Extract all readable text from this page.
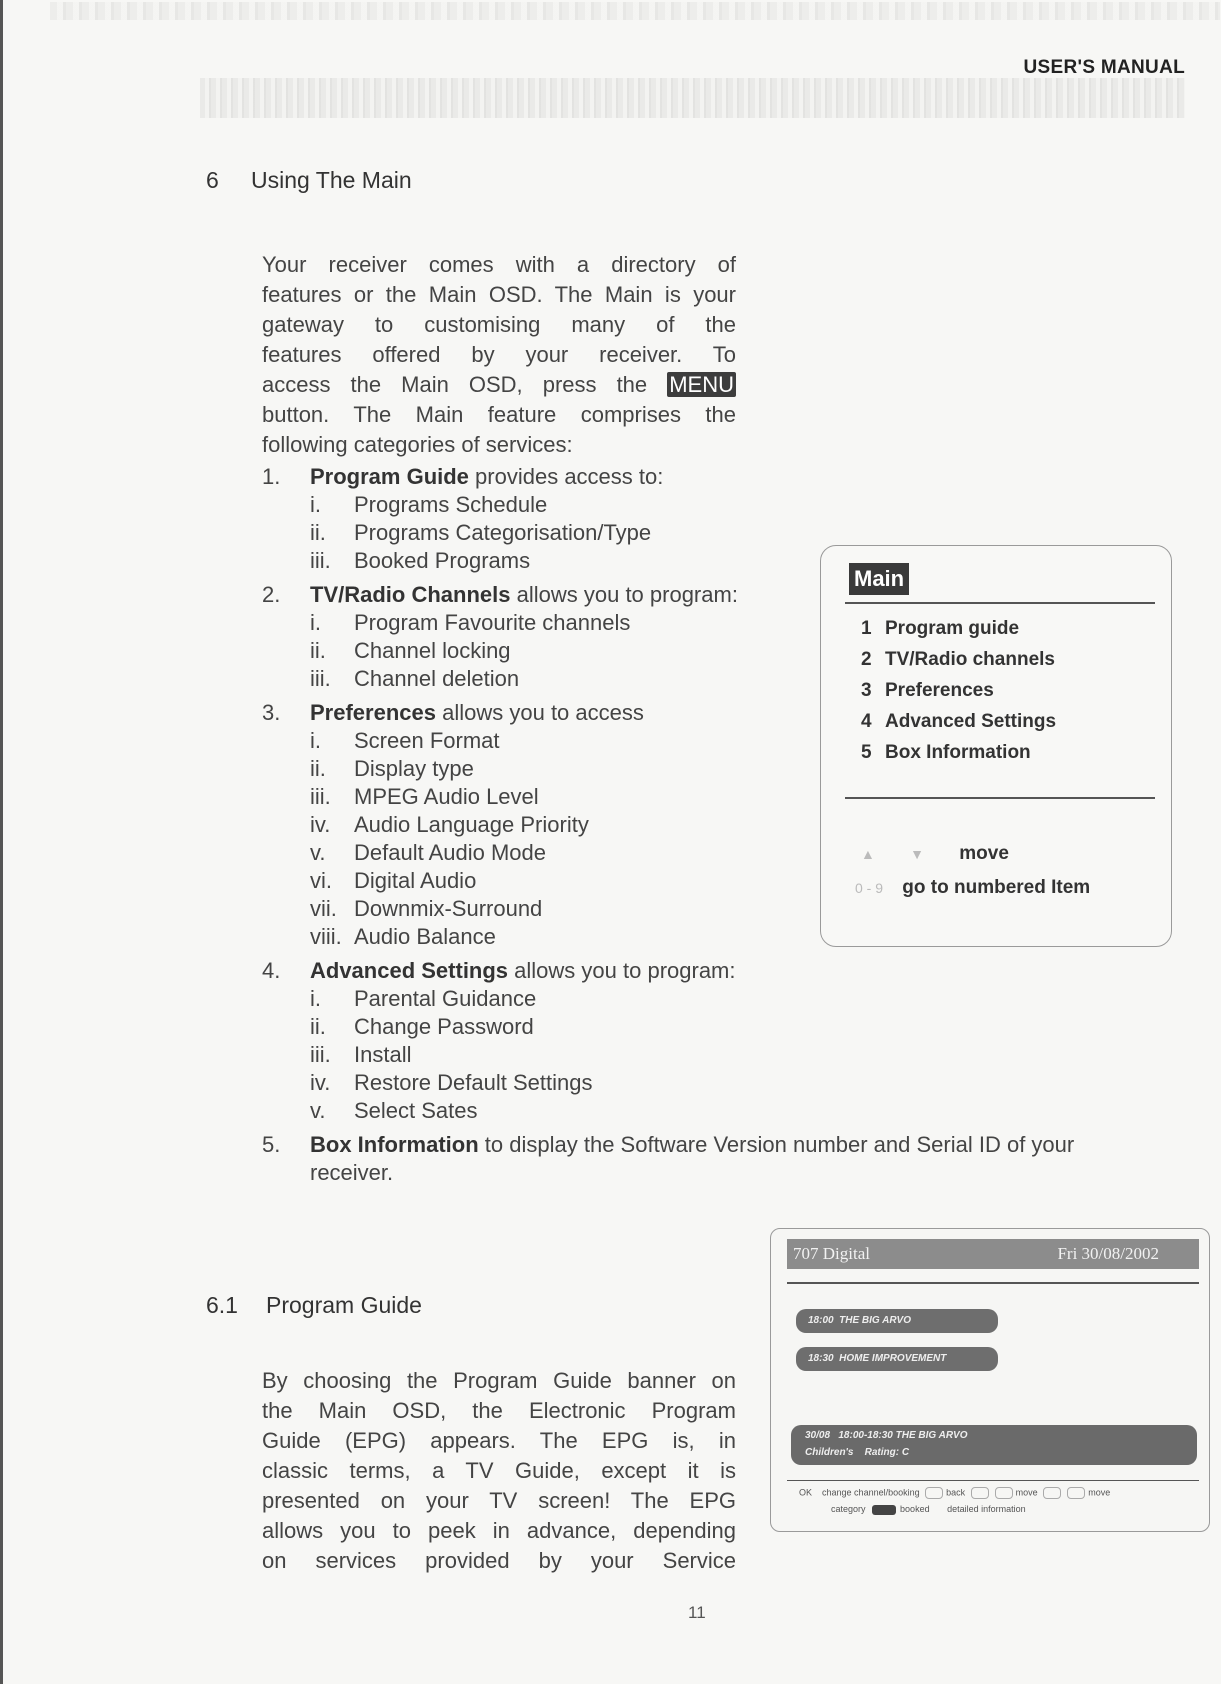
USER'S MANUAL
6 Using The Main
Your receiver comes with a directory of
features or the Main OSD. The Main is your
gateway to customising many of the
features offered by your receiver. To
access the Main OSD, press the MENU
button. The Main feature comprises the
following categories of services:
1.	Program Guide provides access to:
i.	Programs Schedule
ii.	Programs Categorisation/Type
iii.	Booked Programs
2.	TV/Radio Channels allows you to program:
i.	Program Favourite channels
ii.	Channel locking
iii.	Channel deletion
3.	Preferences allows you to access
i.	Screen Format
ii.	Display type
iii.	MPEG Audio Level
iv.	Audio Language Priority
v.	Default Audio Mode
vi.	Digital Audio
vii. Downmix-Surround
viii. Audio Balance
4.	Advanced Settings allows you to program:
i.	Parental Guidance
ii.	Change Password
iii.	Install
iv.	Restore Default Settings
v.	Select Sates
5.	Box Information to display the Software Version number and Serial ID of your
receiver.
Main
1 Program guide
2 TV/Radio channels
3 Preferences
4 Advanced Settings
5 Box Information
▲	▼ move
0 - 9 go to numbered Item
6.1 Program Guide
By choosing the Program Guide banner on
the Main OSD, the Electronic Program
Guide (EPG) appears. The EPG is, in
classic terms, a TV Guide, except it is
presented on your TV screen! The EPG
allows you to peek in advance, depending
on services provided by your Service
707 Digital	Fri 30/08/2002
18:00 THE BIG ARVO
18:30 HOME IMPROVEMENT
30/08 18:00-18:30 THE BIG ARVO
Children's Rating: C
OK change channel/booking	back	move	move
category	booked detailed information
11
